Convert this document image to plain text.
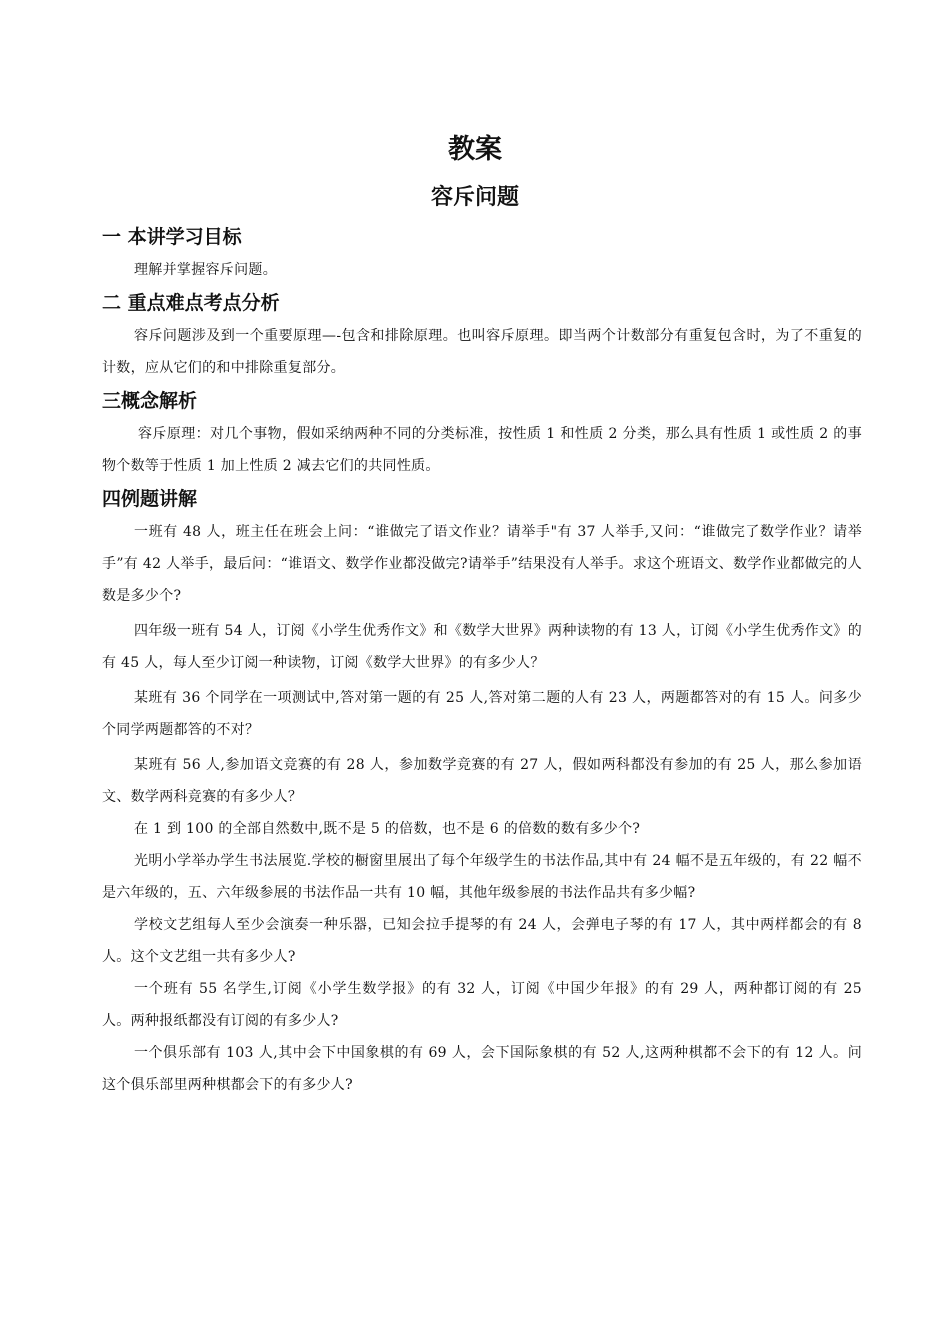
教案
容斥问题
一 本讲学习目标

理解并掌握容斥问题。

二 重点难点考点分析

容斥问题涉及到一个重要原理—-包含和排除原理。也叫容斥原理。即当两个计数部分有重复包含时，为了不重复的计数，应从它们的和中排除重复部分。

三概念解析

容斥原理：对几个事物，假如采纳两种不同的分类标准，按性质 1 和性质 2 分类，那么具有性质 1 或性质 2 的事物个数等于性质 1 加上性质 2 减去它们的共同性质。

四例题讲解

一班有 48 人，班主任在班会上问：“谁做完了语文作业？请举手"有 37 人举手,又问：“谁做完了数学作业？请举手”有 42 人举手，最后问：“谁语文、数学作业都没做完?请举手”结果没有人举手。求这个班语文、数学作业都做完的人数是多少个?

四年级一班有 54 人，订阅《小学生优秀作文》和《数学大世界》两种读物的有 13 人，订阅《小学生优秀作文》的有 45 人，每人至少订阅一种读物，订阅《数学大世界》的有多少人？

某班有 36 个同学在一项测试中,答对第一题的有 25 人,答对第二题的人有 23 人，两题都答对的有 15 人。问多少个同学两题都答的不对？

某班有 56 人,参加语文竞赛的有 28 人，参加数学竞赛的有 27 人，假如两科都没有参加的有 25 人，那么参加语文、数学两科竞赛的有多少人？

在 1 到 100 的全部自然数中,既不是 5 的倍数，也不是 6 的倍数的数有多少个?

光明小学举办学生书法展览.学校的橱窗里展出了每个年级学生的书法作品,其中有 24 幅不是五年级的，有 22 幅不是六年级的，五、六年级参展的书法作品一共有 10 幅，其他年级参展的书法作品共有多少幅?

学校文艺组每人至少会演奏一种乐器，已知会拉手提琴的有 24 人，会弹电子琴的有 17 人，其中两样都会的有 8 人。这个文艺组一共有多少人?

一个班有 55 名学生,订阅《小学生数学报》的有 32 人，订阅《中国少年报》的有 29 人，两种都订阅的有 25 人。两种报纸都没有订阅的有多少人?

一个俱乐部有 103 人,其中会下中国象棋的有 69 人，会下国际象棋的有 52 人,这两种棋都不会下的有 12 人。问这个俱乐部里两种棋都会下的有多少人?
